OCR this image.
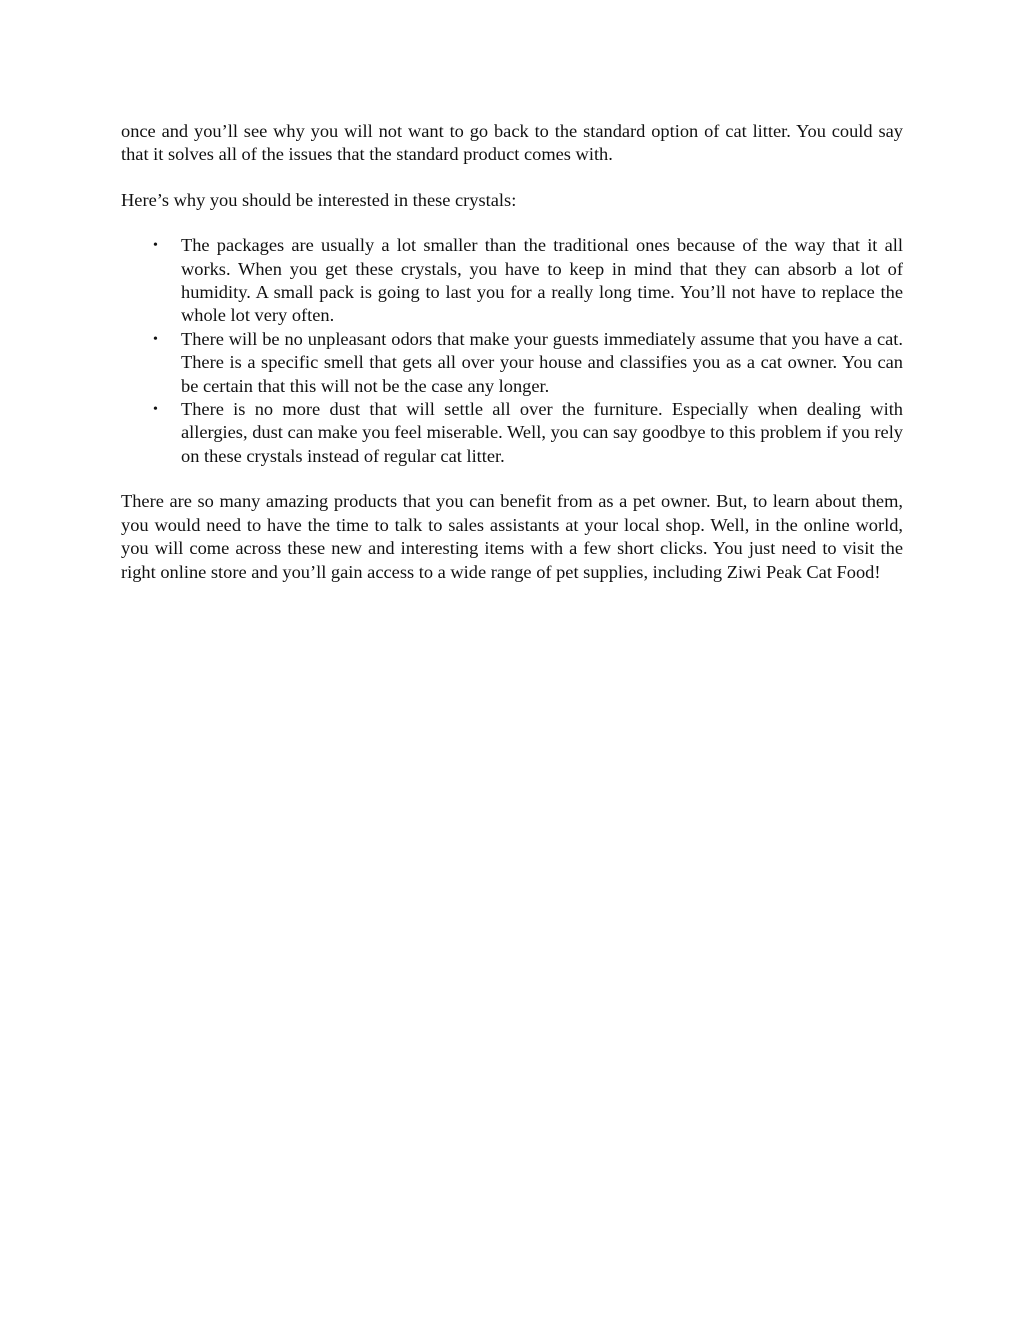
once and you’ll see why you will not want to go back to the standard option of cat litter. You could say that it solves all of the issues that the standard product comes with.

Here’s why you should be interested in these crystals:

• The packages are usually a lot smaller than the traditional ones because of the way that it all works. When you get these crystals, you have to keep in mind that they can absorb a lot of humidity. A small pack is going to last you for a really long time. You’ll not have to replace the whole lot very often.
• There will be no unpleasant odors that make your guests immediately assume that you have a cat. There is a specific smell that gets all over your house and classifies you as a cat owner. You can be certain that this will not be the case any longer.
• There is no more dust that will settle all over the furniture. Especially when dealing with allergies, dust can make you feel miserable. Well, you can say goodbye to this problem if you rely on these crystals instead of regular cat litter.

There are so many amazing products that you can benefit from as a pet owner. But, to learn about them, you would need to have the time to talk to sales assistants at your local shop. Well, in the online world, you will come across these new and interesting items with a few short clicks. You just need to visit the right online store and you’ll gain access to a wide range of pet supplies, including Ziwi Peak Cat Food!
